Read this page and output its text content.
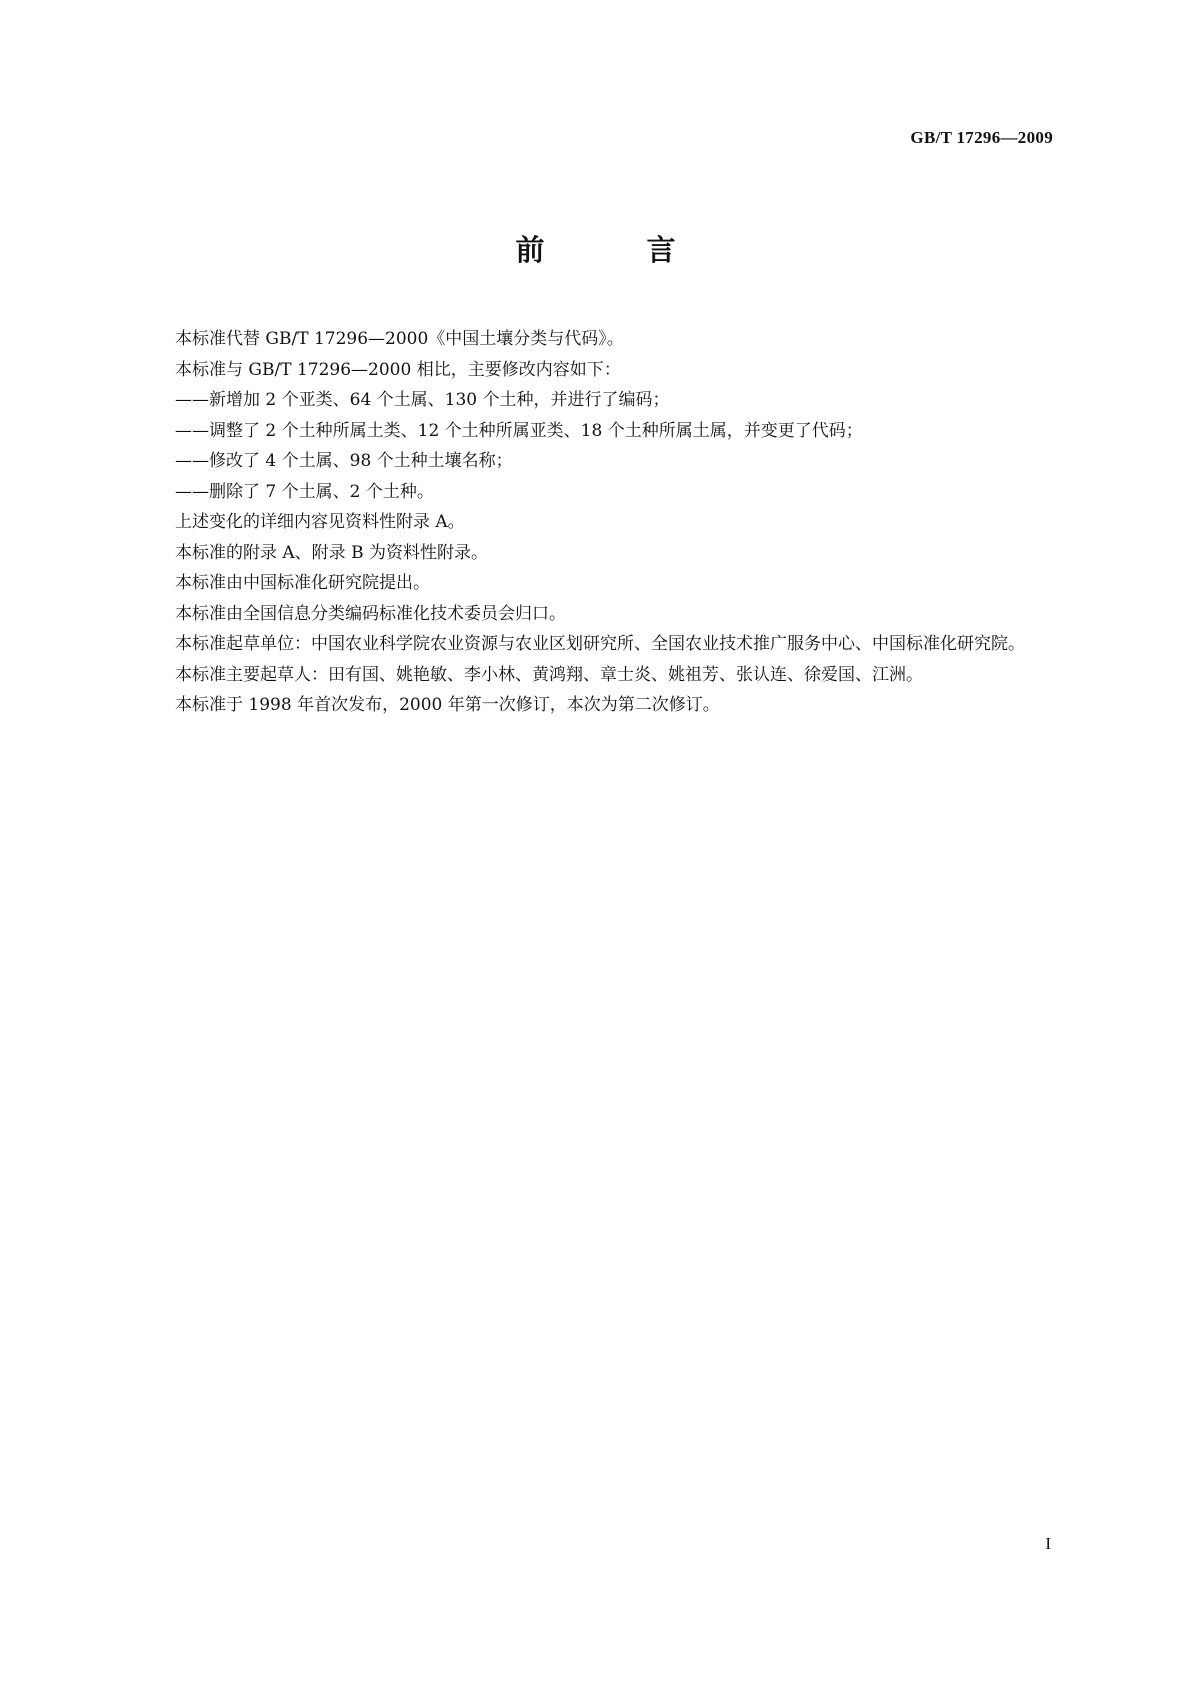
GB/T 17296—2009
前 言

本标准代替 GB/T 17296—2000《中国土壤分类与代码》。

本标准与 GB/T 17296—2000 相比，主要修改内容如下：

——新增加 2 个亚类、64 个土属、130 个土种，并进行了编码；

——调整了 2 个土种所属土类、12 个土种所属亚类、18 个土种所属土属，并变更了代码；

——修改了 4 个土属、98 个土种土壤名称；

——删除了 7 个土属、2 个土种。

上述变化的详细内容见资料性附录 A。

本标准的附录 A、附录 B 为资料性附录。

本标准由中国标准化研究院提出。

本标准由全国信息分类编码标准化技术委员会归口。

本标准起草单位：中国农业科学院农业资源与农业区划研究所、全国农业技术推广服务中心、中国标准化研究院。

本标准主要起草人：田有国、姚艳敏、李小林、黄鸿翔、章士炎、姚祖芳、张认连、徐爱国、江洲。

本标准于 1998 年首次发布，2000 年第一次修订，本次为第二次修订。

I
